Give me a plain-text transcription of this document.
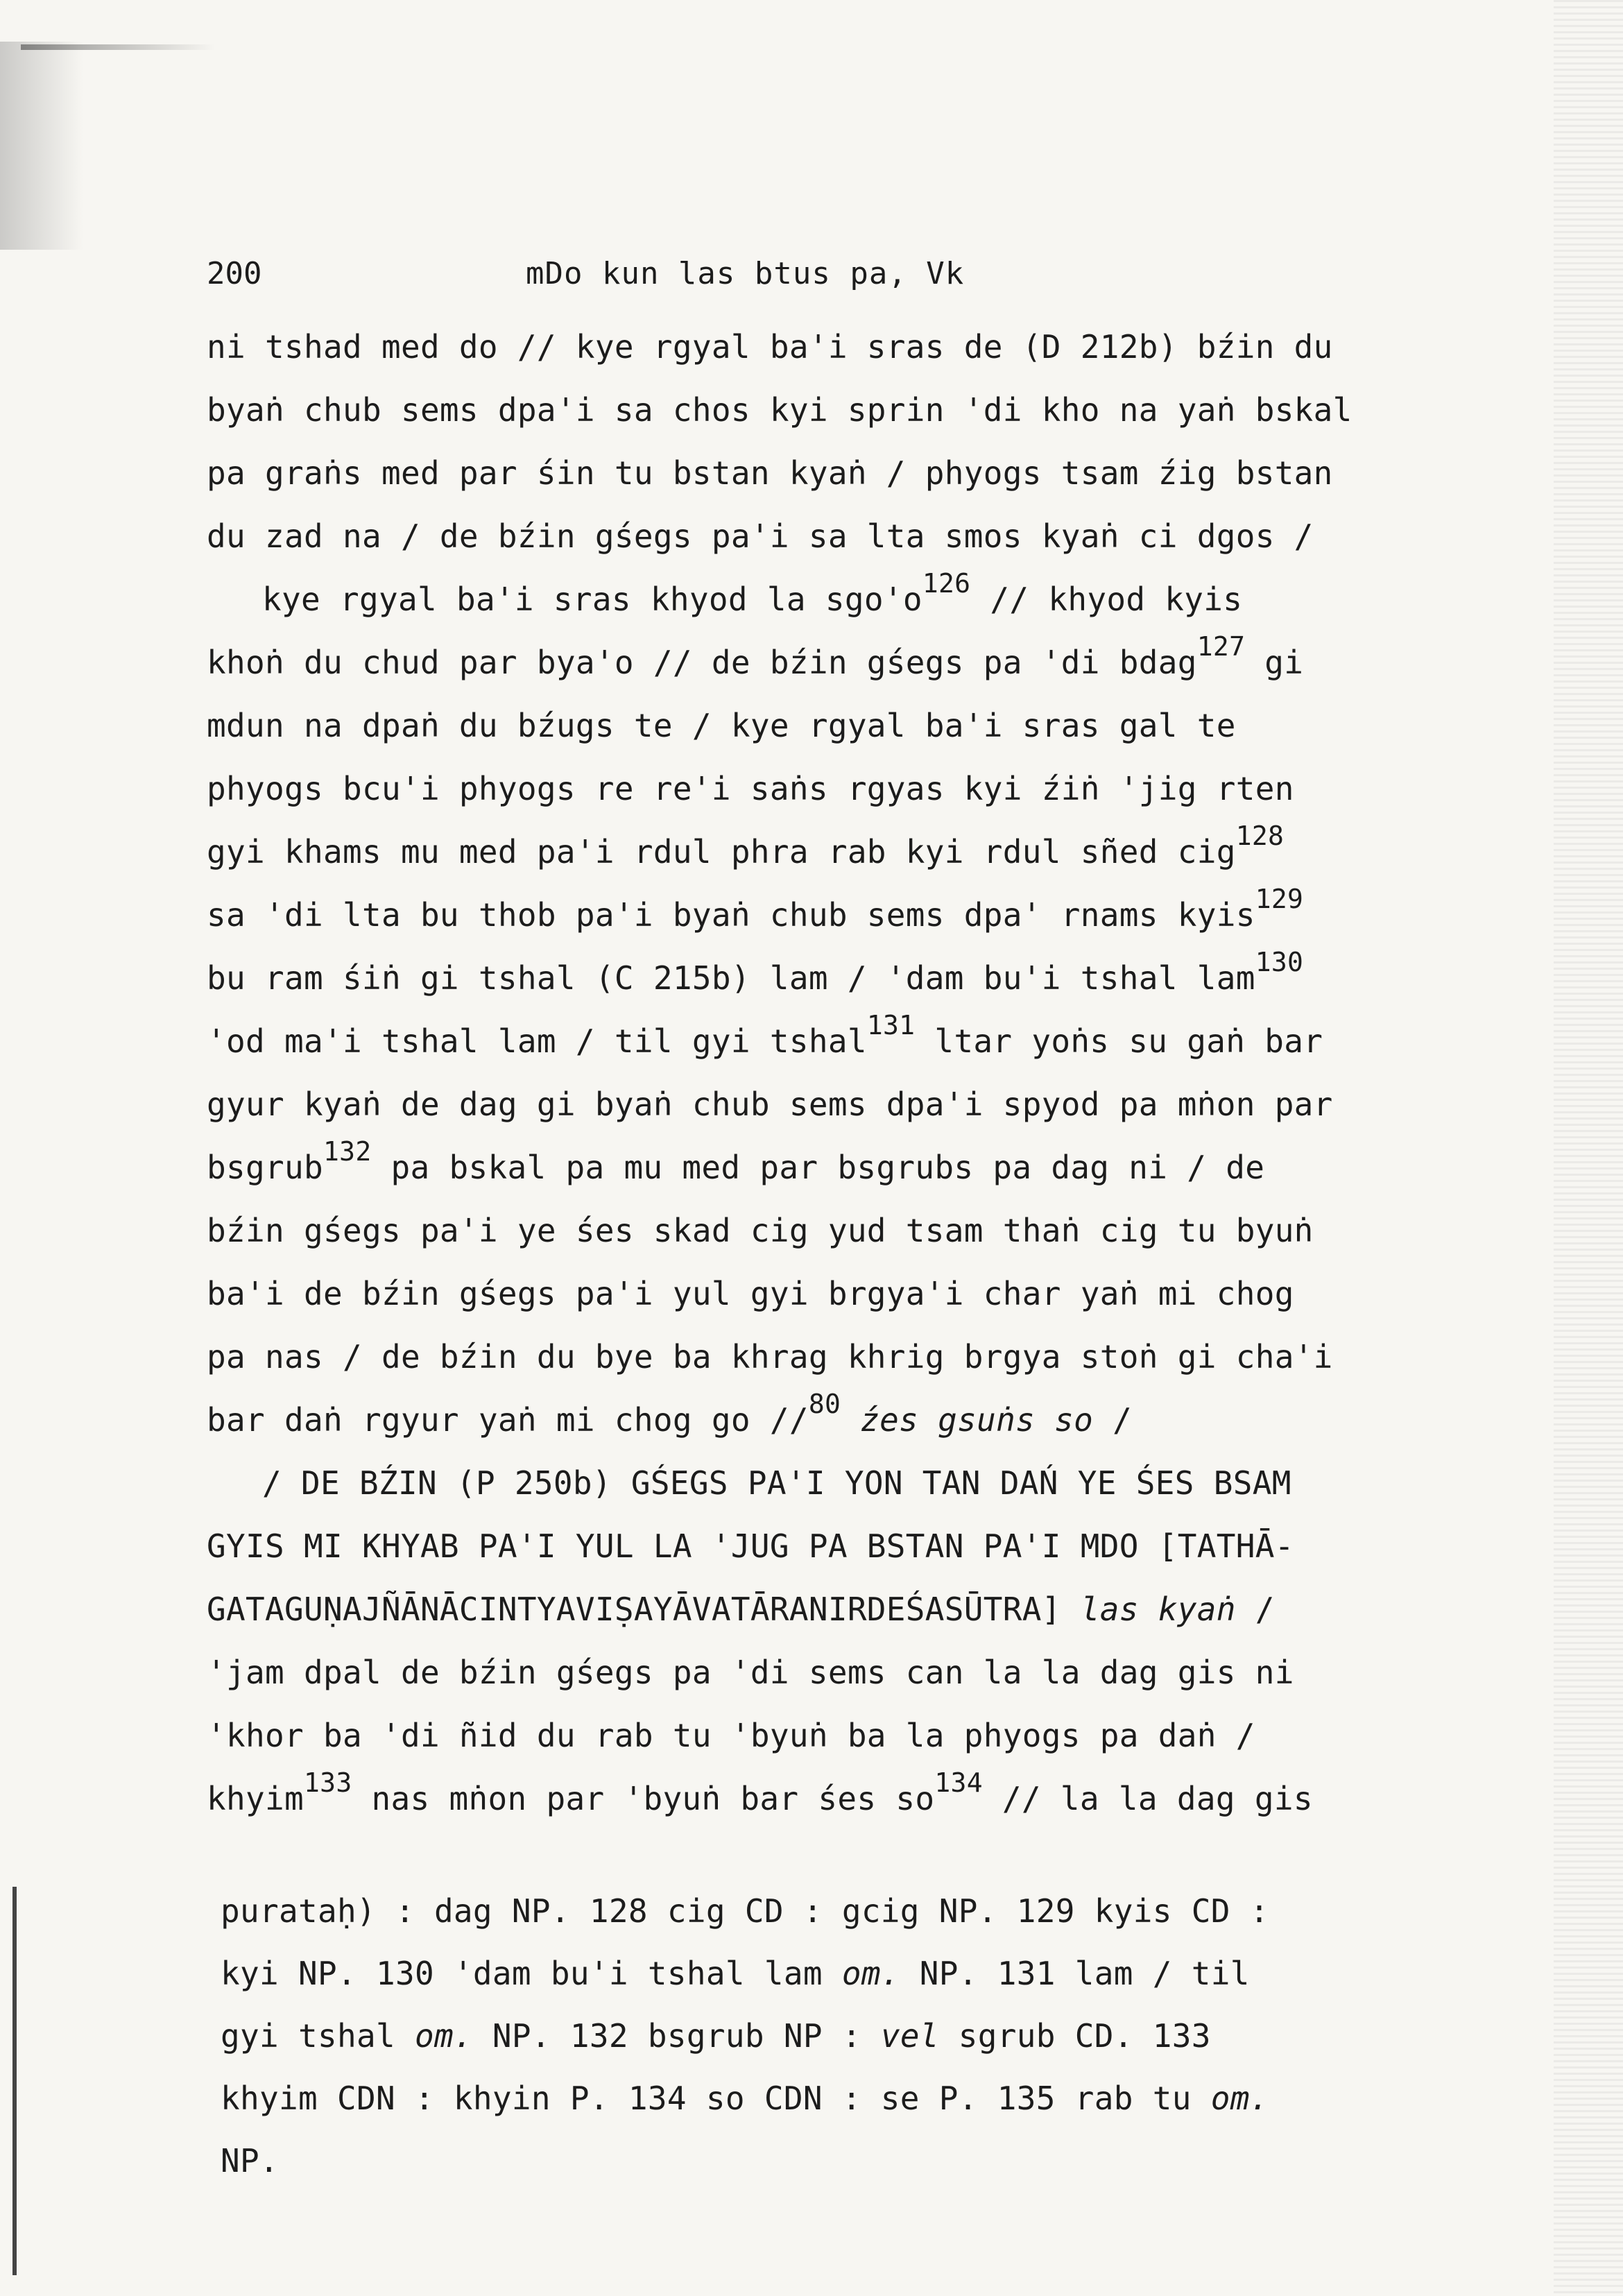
200	mDo kun las btus pa, Vk
ni tshad med do // kye rgyal ba'i sras de (D 212b) bźin du
byaṅ chub sems dpa'i sa chos kyi sprin 'di kho na yaṅ bskal
pa graṅs med par śin tu bstan kyaṅ / phyogs tsam źig bstan
du zad na / de bźin gśegs pa'i sa lta smos kyaṅ ci dgos /
kye rgyal ba'i sras khyod la $sgo'o^{126}$ // khyod kyis
khoṅ du chud par bya'o // de bźin gśegs pa 'di bdag$^{127}$ gi
mdun na dpaṅ du bźugs te / kye rgyal ba'i sras gal te
phyogs bcu'i phyogs re re'i saṅs rgyas kyi źiṅ 'jig rten
gyi khams mu med pa'i rdul phra rab kyi rdul sñed cig$^{128}$
sa 'di lta bu thob pa'i byaṅ chub sems dpa' rnams kyis$^{129}$
bu ram śiṅ gi tshal (C 215b) lam / 'dam bu'i tshal lam$^{130}$
'od ma'i tshal lam / til gyi tshal$^{131}$ ltar yoṅs su gaṅ bar
gyur kyaṅ de dag gi byaṅ chub sems dpa'i spyod pa mṅon par
bsgrub$^{132}$ pa bskal pa mu med par bsgrubs pa dag ni / de
bźin gśegs pa'i ye śes skad cig yud tsam thaṅ cig tu byuṅ
ba'i de bźin gśegs pa'i yul gyi brgya'i char yaṅ mi chog
pa nas / de bźin du bye ba khrag khrig brgya stoṅ gi cha'i
bar daṅ rgyur yaṅ mi chog go //$^{80}$ źes gsuṅs so /
/ DE BŹIN (P 250b) GŚEGS PA'I YON TAN DAŃ YE ŚES BSAM
GYIS MI KHYAB PA'I YUL LA 'JUG PA BSTAN PA'I MDO [TATHĀ-
GATAGUṆAJÑĀNĀCINTYAVIṢAYĀVATĀRANIRDEŚASŪTRA] las kyaṅ /
'jam dpal de bźin gśegs pa 'di sems can la la dag gis ni
'khor ba 'di ñid du rab tu 'byuṅ ba la phyogs pa daṅ /
khyim$^{133}$ nas mṅon par 'byuṅ bar śes $so^{134}$ // la la dag gis
purataḥ) : dag NP. 128 cig CD : gcig NP. 129 kyis CD :
kyi NP. 130 'dam bu'i tshal lam om. NP. 131 lam / til
gyi tshal om. NP. 132 bsgrub NP : vel sgrub CD. 133
khyim CDN : khyin P. 134 so CDN : se P. 135 rab tu om.
NP.
